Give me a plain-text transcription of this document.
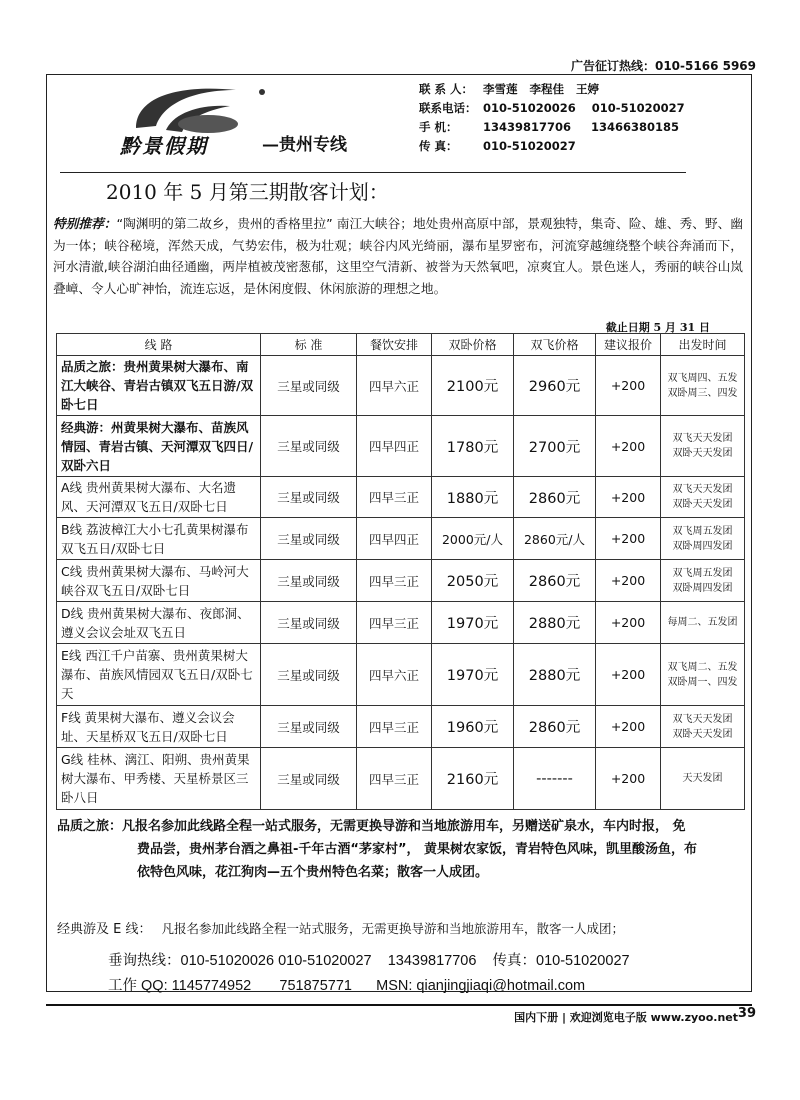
广告征订热线：010-5166 5969
黔景假期	—贵州专线
联 系 人： 李雪莲   李程佳   王婷
联系电话： 010-51020026    010-51020027
手 机：	13439817706     13466380185
传 真：	010-51020027
2010 年 5 月第三期散客计划：
特别推荐：“陶渊明的第二故乡，贵州的香格里拉” 南江大峡谷；地处贵州高原中部，景观独特，集奇、险、雄、秀、野、幽为一体；峡谷秘境，浑然天成，气势宏伟，极为壮观；峡谷内风光绮丽，瀑布星罗密布，河流穿越缠绕整个峡谷奔涌而下，河水清澈,峡谷湖泊曲径通幽，两岸植被茂密葱郁，这里空气清新、被誉为天然氧吧，凉爽宜人。景色迷人，秀丽的峡谷山岚叠嶂、令人心旷神怡，流连忘返，是休闲度假、休闲旅游的理想之地。
截止日期 5 月 31 日
线 路	标 准	餐饮安排	双卧价格	双飞价格	建议报价	出发时间
品质之旅：贵州黄果树大瀑布、南江大峡谷、青岩古镇双飞五日游/双卧七日	三星或同级	四早六正	2100元	2960元	+200	双飞周四、五发
双卧周三、四发

经典游：州黄果树大瀑布、苗族风情园、青岩古镇、天河潭双飞四日/双卧六日	三星或同级	四早四正	1780元	2700元	+200	双飞天天发团
双卧天天发团

A线 贵州黄果树大瀑布、大名遗风、天河潭双飞五日/双卧七日	三星或同级	四早三正	1880元	2860元	+200	双飞天天发团
双卧天天发团

B线 荔波樟江大小七孔黄果树瀑布双飞五日/双卧七日	三星或同级	四早四正	2000元/人	2860元/人	+200	双飞周五发团
双卧周四发团

C线 贵州黄果树大瀑布、马岭河大峡谷双飞五日/双卧七日	三星或同级	四早三正	2050元	2860元	+200	双飞周五发团
双卧周四发团

D线 贵州黄果树大瀑布、夜郎洞、遵义会议会址双飞五日	三星或同级	四早三正	1970元	2880元	+200	每周二、五发团

E线 西江千户苗寨、贵州黄果树大瀑布、苗族风情园双飞五日/双卧七天	三星或同级	四早六正	1970元	2880元	+200	双飞周二、五发
双卧周一、四发

F线 黄果树大瀑布、遵义会议会址、天星桥双飞五日/双卧七日	三星或同级	四早三正	1960元	2860元	+200	双飞天天发团
双卧天天发团

G线 桂林、漓江、阳朔、贵州黄果树大瀑布、甲秀楼、天星桥景区三卧八日	三星或同级	四早三正	2160元	-------	+200	天天发团
品质之旅：凡报名参加此线路全程一站式服务，无需更换导游和当地旅游用车，另赠送矿泉水，车内时报， 免费品尝，贵州茅台酒之鼻祖-千年古酒“茅家村”， 黄果树农家饭，青岩特色风味，凯里酸汤鱼，布依特色风味，花江狗肉—五个贵州特色名菜；散客一人成团。
经典游及 E 线： 凡报名参加此线路全程一站式服务，无需更换导游和当地旅游用车，散客一人成团；
垂询热线：010-51020026 010-51020027    13439817706    传真：010-51020027
工作 QQ: 1145774952       751875771      MSN: qianjingjiaqi@hotmail.com
国内下册 | 欢迎浏览电子版 www.zyoo.net 39
